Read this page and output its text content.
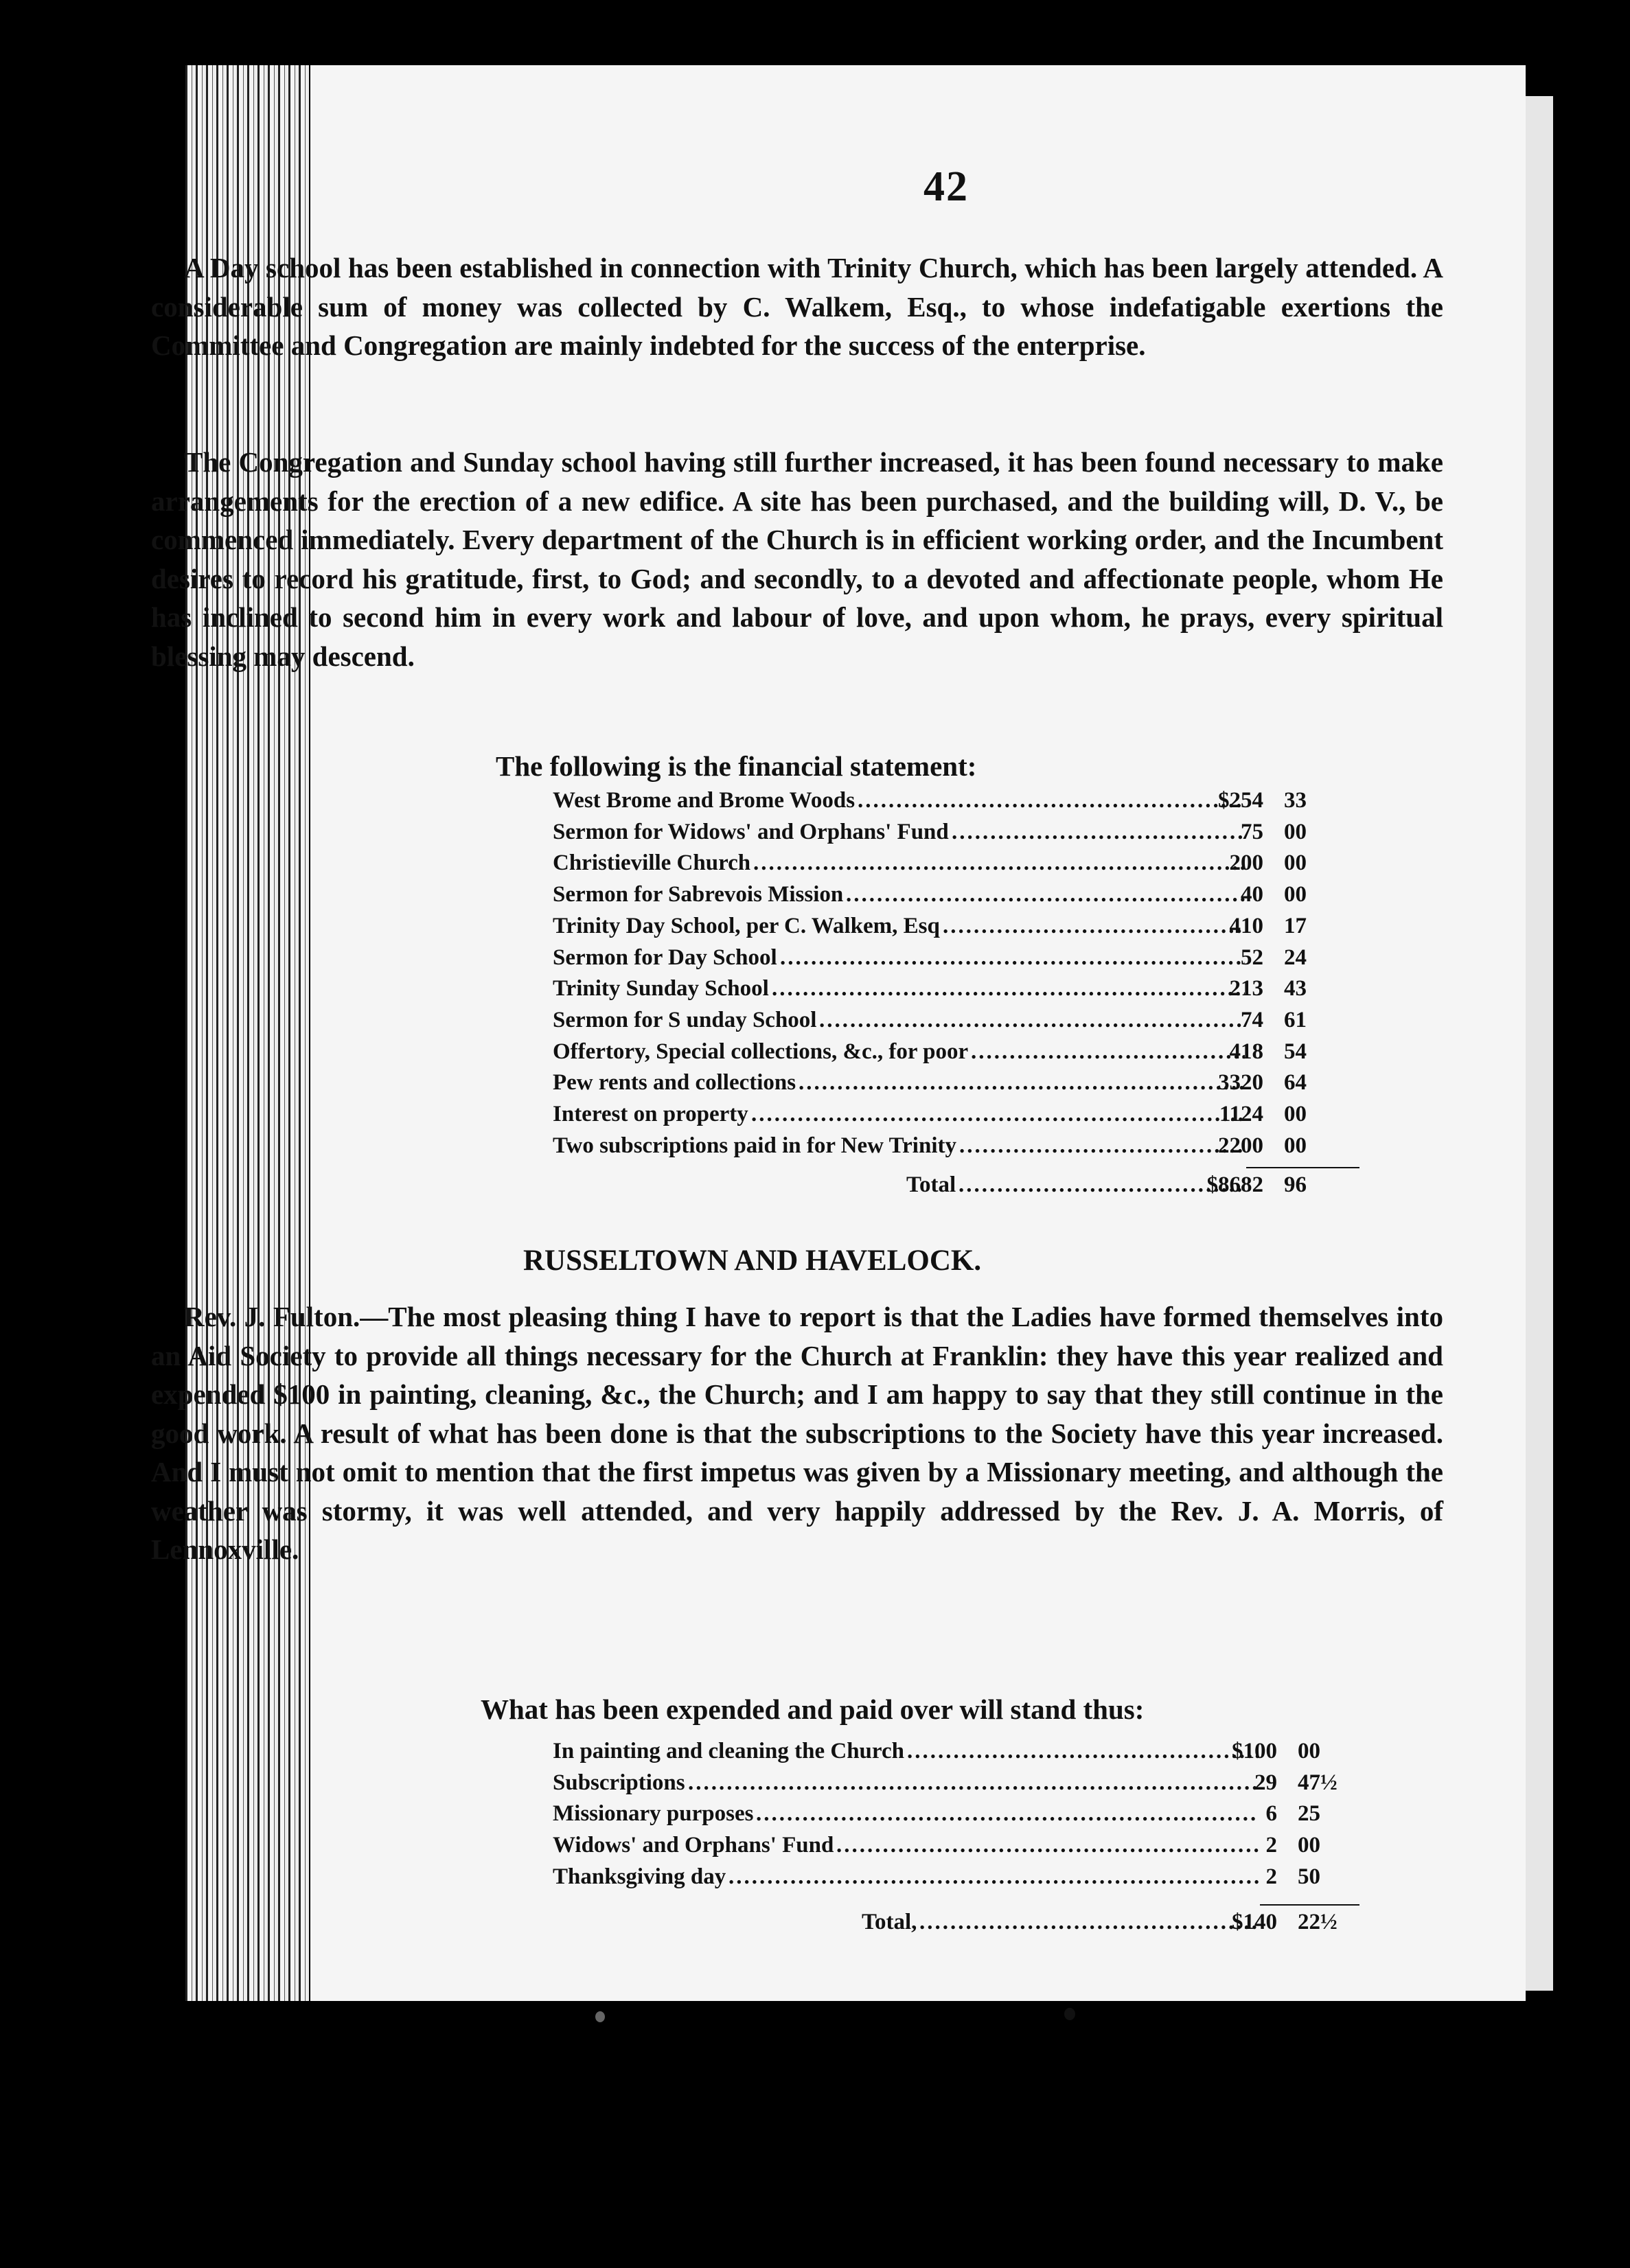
42
A Day school has been established in connection with Trinity Church, which has been largely attended. A considerable sum of money was collected by C. Walkem, Esq., to whose indefatigable exertions the Committee and Congregation are mainly indebted for the success of the enterprise.
The Congregation and Sunday school having still further increased, it has been found necessary to make arrangements for the erection of a new edifice. A site has been purchased, and the building will, D. V., be commenced immediately. Every department of the Church is in efficient working order, and the Incumbent desires to record his gratitude, first, to God; and secondly, to a devoted and affectionate people, whom He has inclined to second him in every work and labour of love, and upon whom, he prays, every spiritual blessing may descend.
The following is the financial statement:
West Brome and Brome Woods .....	$254 33
Sermon for Widows' and Orphans' Fund .....	75 00
Christieville Church .....	200 00
Sermon for Sabrevois Mission .....	40 00
Trinity Day School, per C. Walkem, Esq .....	410 17
Sermon for Day School .....	52 24
Trinity Sunday School .....	213 43
Sermon for S unday School .....	74 61
Offertory, Special collections, &c., for poor .....	418 54
Pew rents and collections .....	3320 64
Interest on property .....	1124 00
Two subscriptions paid in for New Trinity .....	2200 00
Total .....	$8682 96
RUSSELTOWN AND HAVELOCK.
Rev. J. Fulton.—The most pleasing thing I have to report is that the Ladies have formed themselves into an Aid Society to provide all things necessary for the Church at Franklin: they have this year realized and expended $100 in painting, cleaning, &c., the Church; and I am happy to say that they still continue in the good work. A result of what has been done is that the subscriptions to the Society have this year increased. And I must not omit to mention that the first impetus was given by a Missionary meeting, and although the weather was stormy, it was well attended, and very happily addressed by the Rev. J. A. Morris, of Lennoxville.
What has been expended and paid over will stand thus:
In painting and cleaning the Church .....	$100 00
Subscriptions .....	29 47½
Missionary purposes .....	6 25
Widows' and Orphans' Fund .....	2 00
Thanksgiving day .....	2 50
Total, .....	$140 22½
